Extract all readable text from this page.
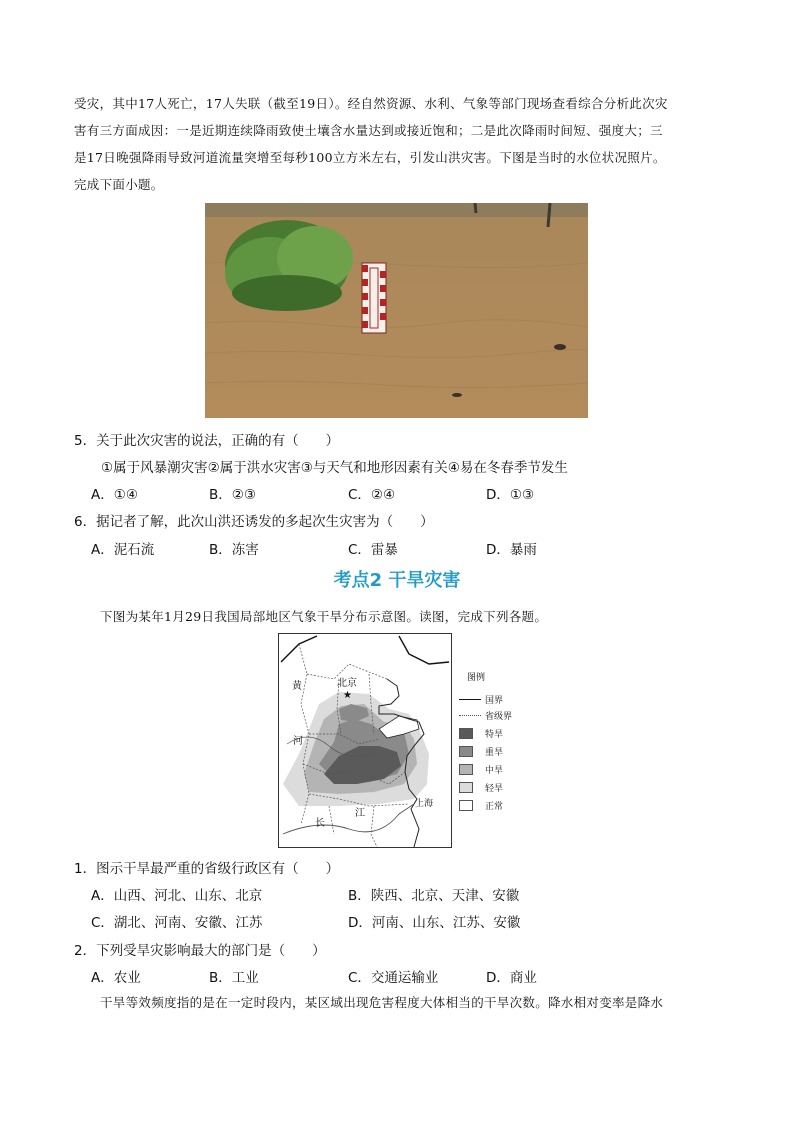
受灾，其中17人死亡，17人失联（截至19日）。经自然资源、水利、气象等部门现场查看综合分析此次灾
害有三方面成因：一是近期连续降雨致使土壤含水量达到或接近饱和；二是此次降雨时间短、强度大；三
是17日晚强降雨导致河道流量突增至每秒100立方米左右，引发山洪灾害。下图是当时的水位状况照片。
完成下面小题。
5．关于此次灾害的说法，正确的有（　　）
①属于风暴潮灾害②属于洪水灾害③与天气和地形因素有关④易在冬春季节发生
A．①④	B．②③	C．②④	D．①③
6．据记者了解，此次山洪还诱发的多起次生灾害为（　　）
A．泥石流	B．冻害	C．雷暴	D．暴雨
考点2 干旱灾害
下图为某年1月29日我国局部地区气象干旱分布示意图。读图，完成下列各题。
★
黄	北京
河
上海
江
长
图例
国界
省级界
特旱
重旱
中旱
轻旱
正常
1．图示干旱最严重的省级行政区有（　　）
A．山西、河北、山东、北京	B．陕西、北京、天津、安徽
C．湖北、河南、安徽、江苏	D．河南、山东、江苏、安徽
2．下列受旱灾影响最大的部门是（　　）
A．农业	B．工业	C．交通运输业	D．商业
干旱等效频度指的是在一定时段内，某区域出现危害程度大体相当的干旱次数。降水相对变率是降水
